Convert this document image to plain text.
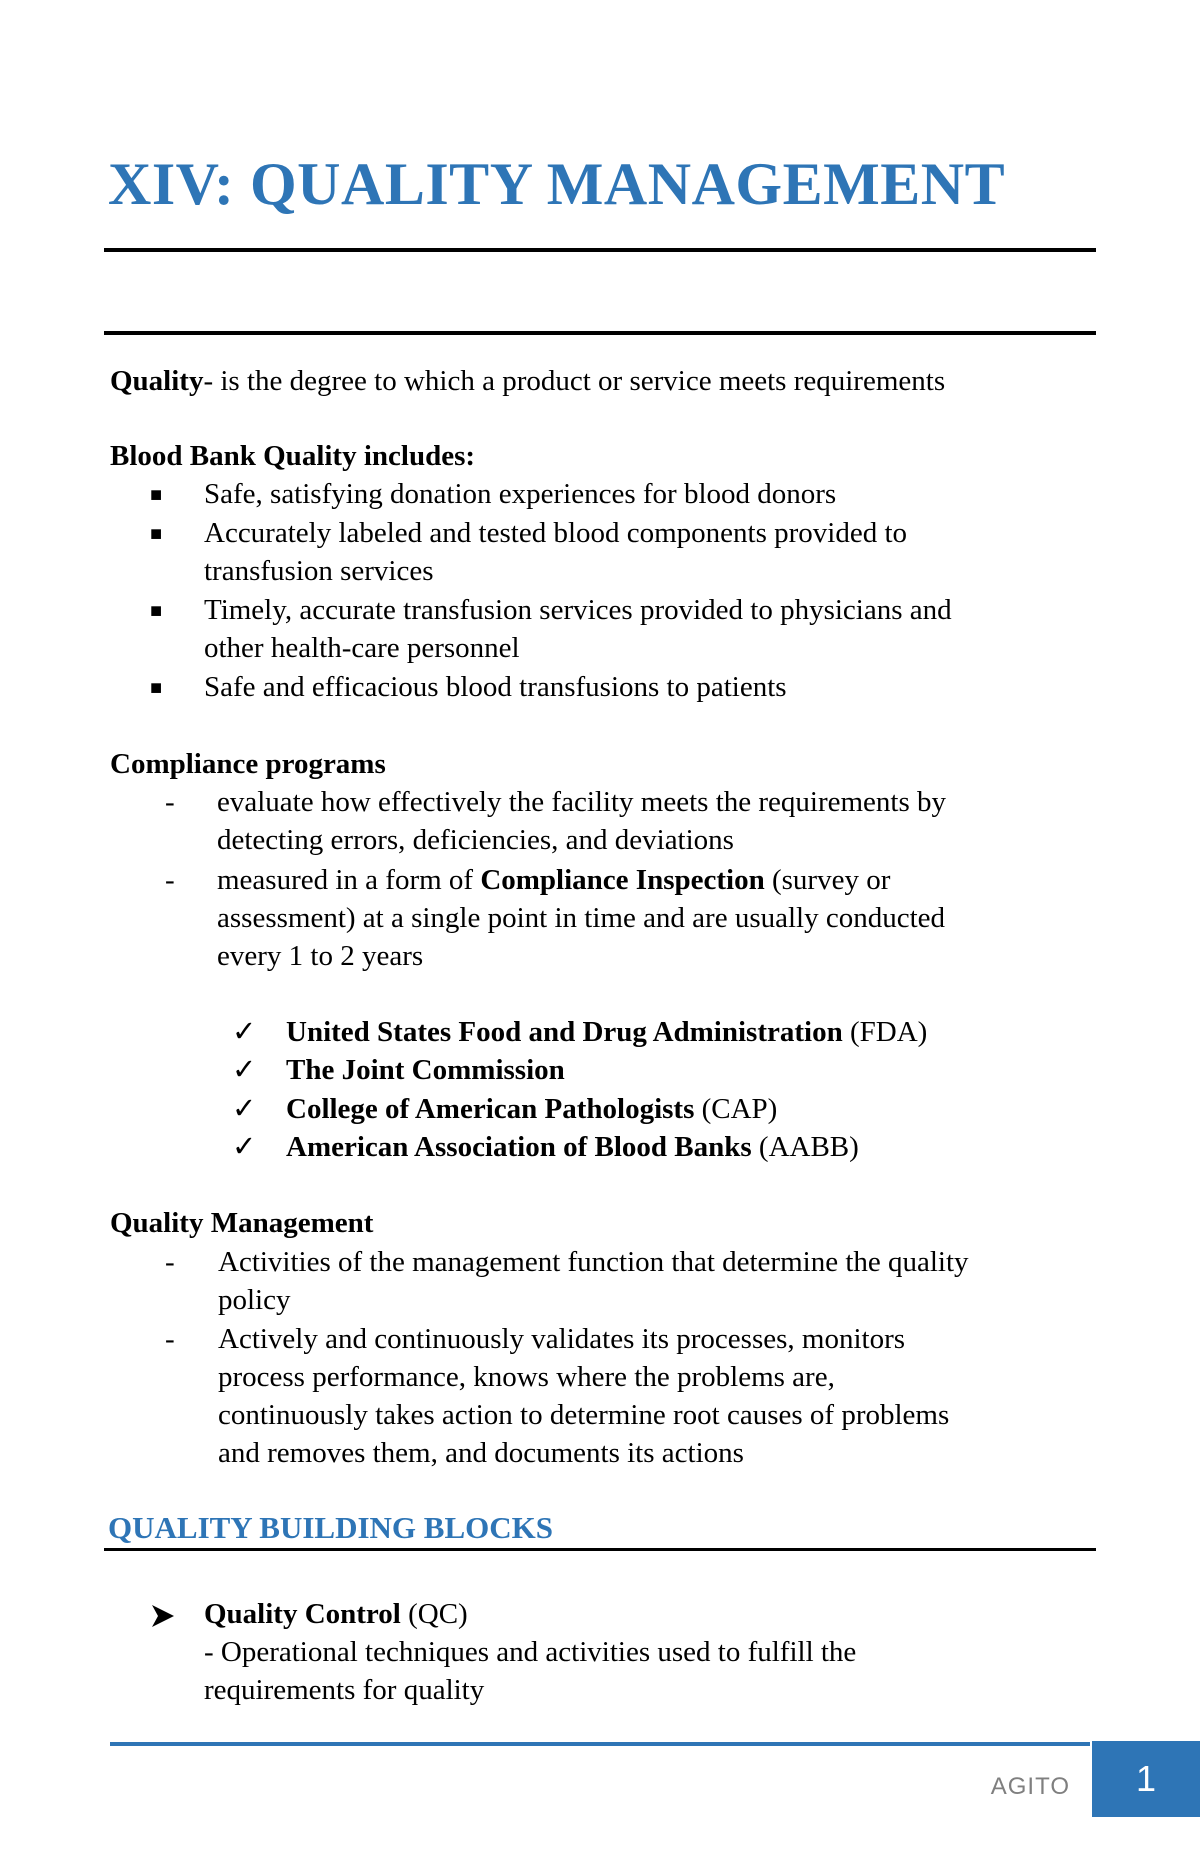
XIV: QUALITY MANAGEMENT
Quality- is the degree to which a product or service meets requirements
Blood Bank Quality includes:
■ Safe, satisfying donation experiences for blood donors
■ Accurately labeled and tested blood components provided to
transfusion services
■ Timely, accurate transfusion services provided to physicians and
other health-care personnel
■ Safe and efficacious blood transfusions to patients
Compliance programs
- evaluate how effectively the facility meets the requirements by
detecting errors, deficiencies, and deviations
- measured in a form of Compliance Inspection (survey or
assessment) at a single point in time and are usually conducted
every 1 to 2 years
✓ United States Food and Drug Administration (FDA)
✓ The Joint Commission
✓ College of American Pathologists (CAP)
✓ American Association of Blood Banks (AABB)
Quality Management
- Activities of the management function that determine the quality
policy
- Actively and continuously validates its processes, monitors
process performance, knows where the problems are,
continuously takes action to determine root causes of problems
and removes them, and documents its actions
QUALITY BUILDING BLOCKS
Quality Control (QC)
- Operational techniques and activities used to fulfill the
requirements for quality
AGITO	1
